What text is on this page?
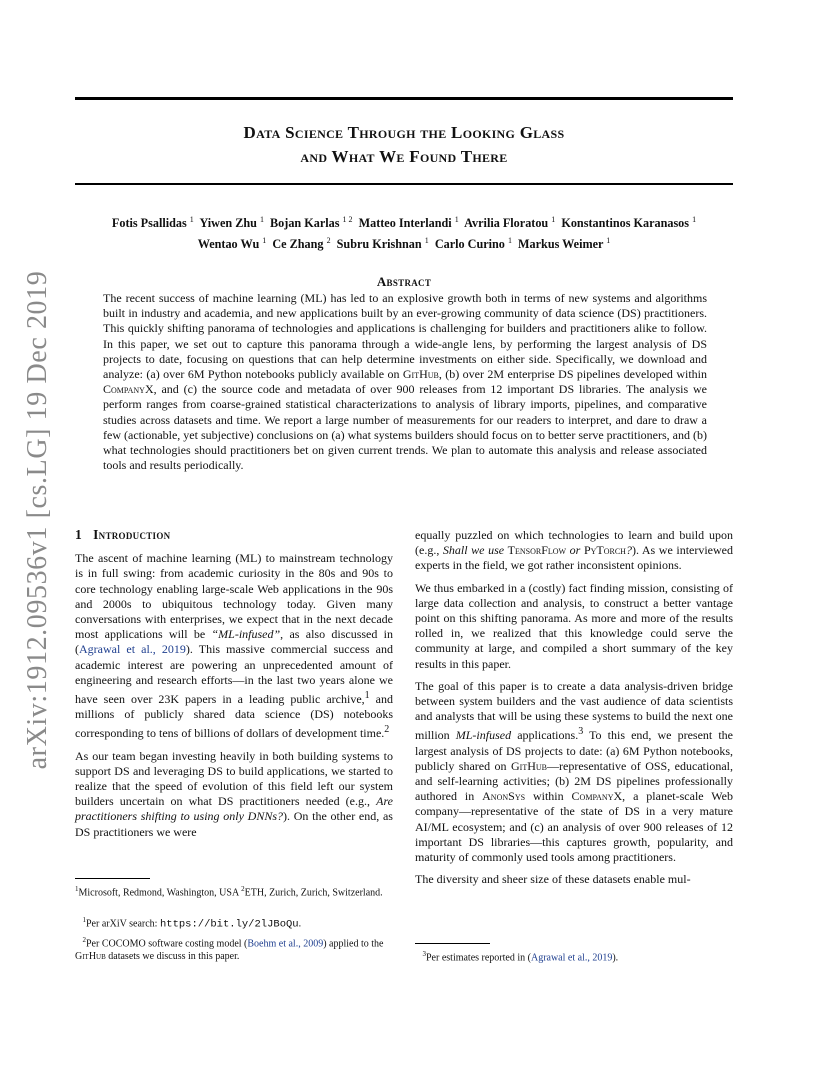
Data Science Through the Looking Glass
and What We Found There
arXiv:1912.09536v1 [cs.LG] 19 Dec 2019
Fotis Psallidas $^1$ Yiwen Zhu $^1$ Bojan Karlas $^{1 2}$ Matteo Interlandi $^1$ Avrilia Floratou $^1$ Konstantinos Karanasos $^1$
Wentao Wu $^1$ Ce Zhang $^2$ Subru Krishnan $^1$ Carlo Curino $^1$ Markus Weimer $^1$
Abstract
The recent success of machine learning (ML) has led to an explosive growth both in terms of new systems and algorithms built in industry and academia, and new applications built by an ever-growing community of data science (DS) practitioners. This quickly shifting panorama of technologies and applications is challenging for builders and practitioners alike to follow. In this paper, we set out to capture this panorama through a wide-angle lens, by performing the largest analysis of DS projects to date, focusing on questions that can help determine investments on either side. Specifically, we download and analyze: (a) over 6M Python notebooks publicly available on GitHub, (b) over 2M enterprise DS pipelines developed within CompanyX, and (c) the source code and metadata of over 900 releases from 12 important DS libraries. The analysis we perform ranges from coarse-grained statistical characterizations to analysis of library imports, pipelines, and comparative studies across datasets and time. We report a large number of measurements for our readers to interpret, and dare to draw a few (actionable, yet subjective) conclusions on (a) what systems builders should focus on to better serve practitioners, and (b) what technologies should practitioners bet on given current trends. We plan to automate this analysis and release associated tools and results periodically.
1 Introduction

The ascent of machine learning (ML) to mainstream technology is in full swing: from academic curiosity in the 80s and 90s to core technology enabling large-scale Web applications in the 90s and 2000s to ubiquitous technology today. Given many conversations with enterprises, we expect that in the next decade most applications will be “ML-infused”, as also discussed in (Agrawal et al., 2019). This massive commercial success and academic interest are powering an unprecedented amount of engineering and research efforts—in the last two years alone we have seen over 23K papers in a leading public archive,$^1$ and millions of publicly shared data science (DS) notebooks corresponding to tens of billions of dollars of development time.$^2$

As our team began investing heavily in both building systems to support DS and leveraging DS to build applications, we started to realize that the speed of evolution of this field left our system builders uncertain on what DS practitioners needed (e.g., Are practitioners shifting to using only DNNs?). On the other end, as DS practitioners we were

$^1$Microsoft, Redmond, Washington, USA $^2$ETH, Zurich, Zurich, Switzerland.

$^1$Per arXiV search: https://bit.ly/2lJBoQu.

$^2$Per COCOMO software costing model (Boehm et al., 2009) applied to the GitHub datasets we discuss in this paper.

equally puzzled on which technologies to learn and build upon (e.g., Shall we use TensorFlow or PyTorch?). As we interviewed experts in the field, we got rather inconsistent opinions.

We thus embarked in a (costly) fact finding mission, consisting of large data collection and analysis, to construct a better vantage point on this shifting panorama. As more and more of the results rolled in, we realized that this knowledge could serve the community at large, and compiled a short summary of the key results in this paper.

The goal of this paper is to create a data analysis-driven bridge between system builders and the vast audience of data scientists and analysts that will be using these systems to build the next one million ML-infused applications.$^3$ To this end, we present the largest analysis of DS projects to date: (a) 6M Python notebooks, publicly shared on GitHub—representative of OSS, educational, and self-learning activities; (b) 2M DS pipelines professionally authored in AnonSys within CompanyX, a planet-scale Web company—representative of the state of DS in a very mature AI/ML ecosystem; and (c) an analysis of over 900 releases of 12 important DS libraries—this captures growth, popularity, and maturity of commonly used tools among practitioners.

The diversity and sheer size of these datasets enable mul-

$^3$Per estimates reported in (Agrawal et al., 2019).
